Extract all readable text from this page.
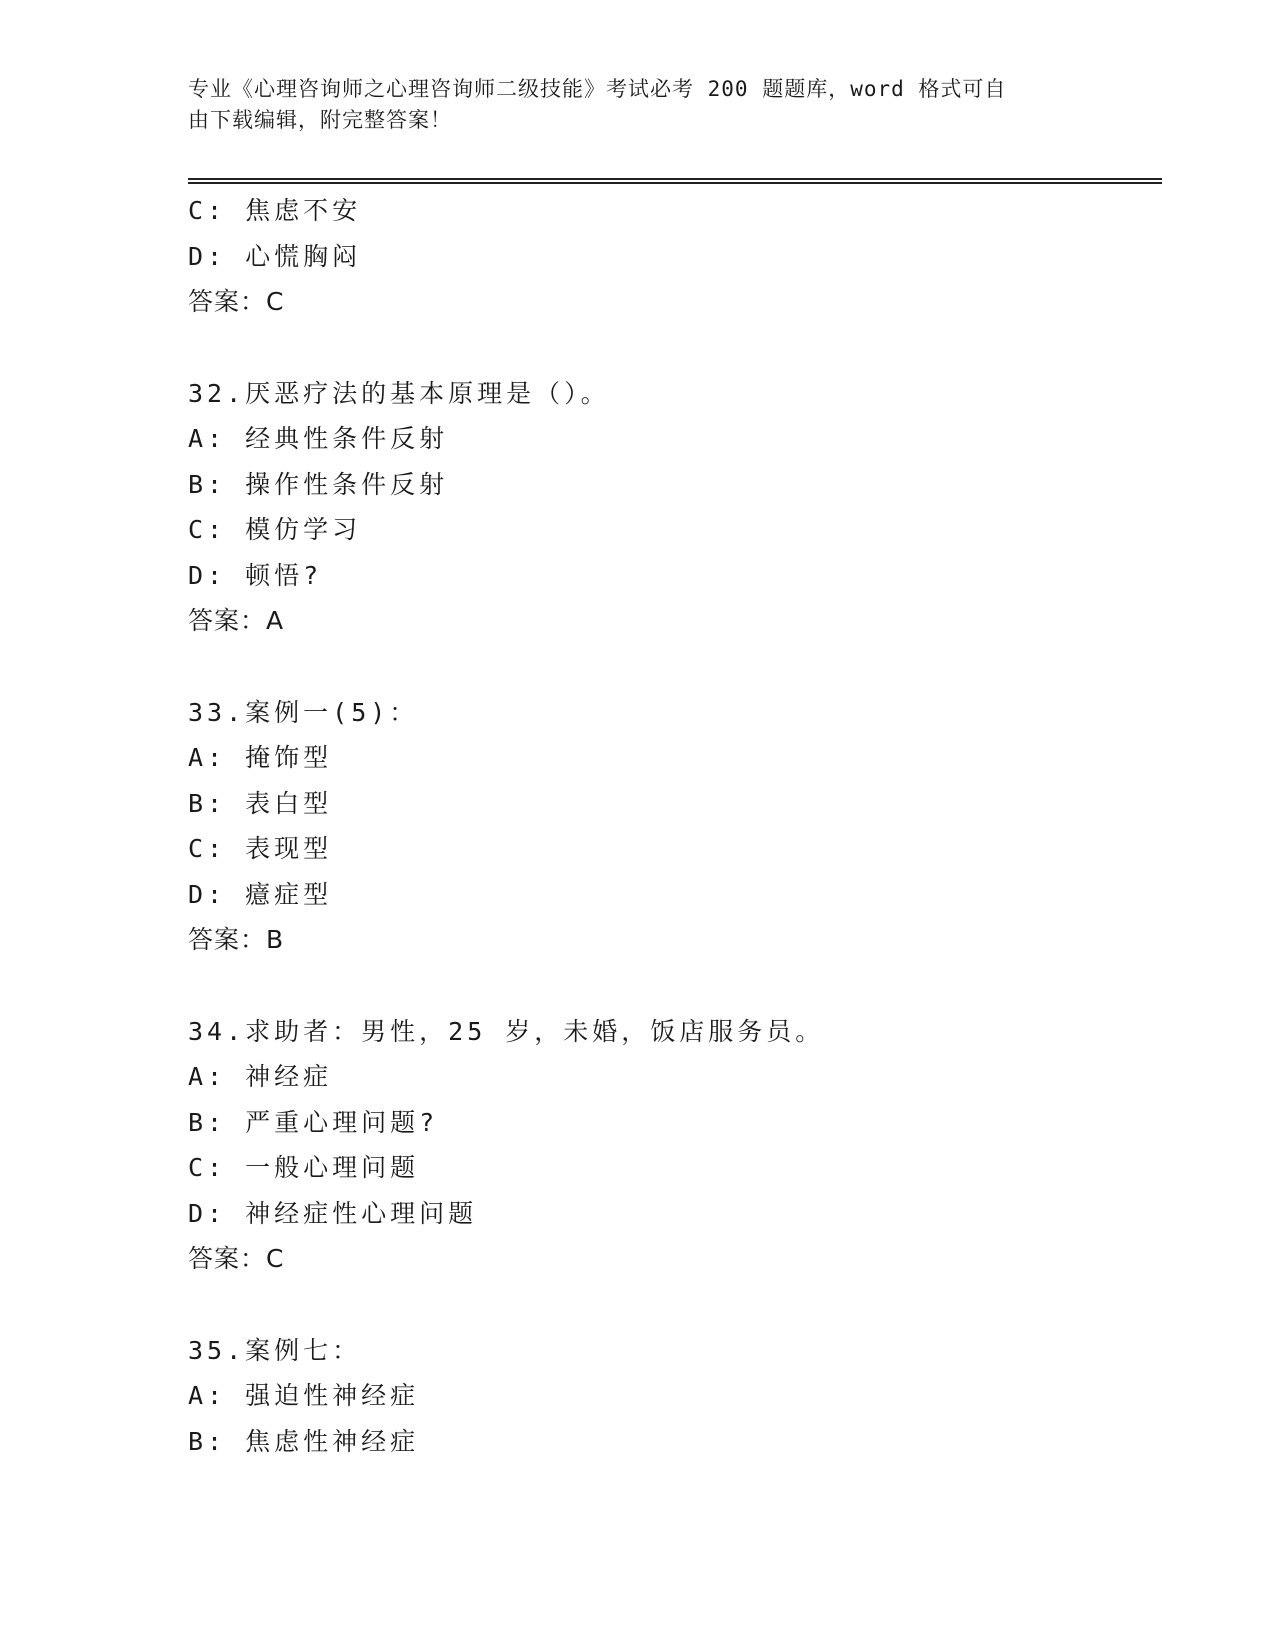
专业《心理咨询师之心理咨询师二级技能》考试必考 200 题题库，word 格式可自
由下载编辑，附完整答案！
C: 焦虑不安
D: 心慌胸闷
答案：C
32.厌恶疗法的基本原理是（）。
A: 经典性条件反射
B: 操作性条件反射
C: 模仿学习
D: 顿悟?
答案：A
33.案例一(5)：
A: 掩饰型
B: 表白型
C: 表现型
D: 癔症型
答案：B
34.求助者：男性，25 岁，未婚，饭店服务员。
A: 神经症
B: 严重心理问题?
C: 一般心理问题
D: 神经症性心理问题
答案：C
35.案例七：
A: 强迫性神经症
B: 焦虑性神经症
